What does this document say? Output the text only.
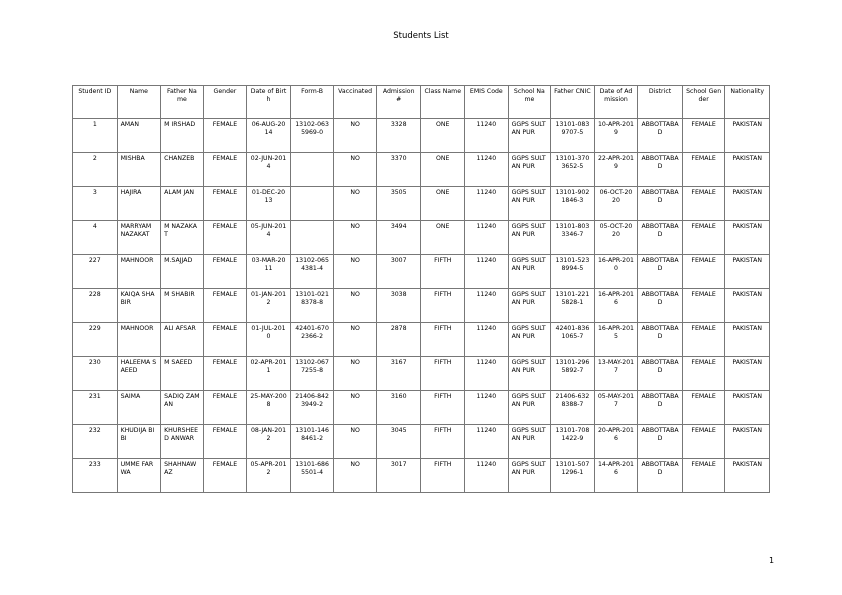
Students List
Student ID	Name	Father Name	Gender	Date of Birth	Form-B	Vaccinated	Admission #	Class Name	EMIS Code	School Name	Father CNIC	Date of Admission	District	School Gender	Nationality
1	AMAN	M IRSHAD	FEMALE	06-AUG-2014	13102-0635969-0	NO	3328	ONE	11240	GGPS SULTAN PUR	13101-0839707-5	10-APR-2019	ABBOTTABAD	FEMALE	PAKISTAN
2	MISHBA	CHANZEB	FEMALE	02-JUN-2014		NO	3370	ONE	11240	GGPS SULTAN PUR	13101-3703652-5	22-APR-2019	ABBOTTABAD	FEMALE	PAKISTAN
3	HAJIRA	ALAM JAN	FEMALE	01-DEC-2013		NO	3505	ONE	11240	GGPS SULTAN PUR	13101-9021846-3	06-OCT-2020	ABBOTTABAD	FEMALE	PAKISTAN
4	MARRYAM NAZAKAT	M NAZAKAT	FEMALE	05-JUN-2014		NO	3494	ONE	11240	GGPS SULTAN PUR	13101-8033346-7	05-OCT-2020	ABBOTTABAD	FEMALE	PAKISTAN
227	MAHNOOR	M.SAJJAD	FEMALE	03-MAR-2011	13102-0654381-4	NO	3007	FIFTH	11240	GGPS SULTAN PUR	13101-5238994-5	16-APR-2010	ABBOTTABAD	FEMALE	PAKISTAN
228	KAIQA SHABIR	M SHABIR	FEMALE	01-JAN-2012	13101-0218378-8	NO	3038	FIFTH	11240	GGPS SULTAN PUR	13101-2215828-1	16-APR-2016	ABBOTTABAD	FEMALE	PAKISTAN
229	MAHNOOR	ALI AFSAR	FEMALE	01-JUL-2010	42401-6702366-2	NO	2878	FIFTH	11240	GGPS SULTAN PUR	42401-8361065-7	16-APR-2015	ABBOTTABAD	FEMALE	PAKISTAN
230	HALEEMA SAEED	M SAEED	FEMALE	02-APR-2011	13102-0677255-8	NO	3167	FIFTH	11240	GGPS SULTAN PUR	13101-2965892-7	13-MAY-2017	ABBOTTABAD	FEMALE	PAKISTAN
231	SAIMA	SADIQ ZAMAN	FEMALE	25-MAY-2008	21406-8423949-2	NO	3160	FIFTH	11240	GGPS SULTAN PUR	21406-6328388-7	05-MAY-2017	ABBOTTABAD	FEMALE	PAKISTAN
232	KHUDIJA BIBI	KHURSHEED ANWAR	FEMALE	08-JAN-2012	13101-1468461-2	NO	3045	FIFTH	11240	GGPS SULTAN PUR	13101-7081422-9	20-APR-2016	ABBOTTABAD	FEMALE	PAKISTAN
233	UMME FARWA	SHAHNAWAZ	FEMALE	05-APR-2012	13101-6865501-4	NO	3017	FIFTH	11240	GGPS SULTAN PUR	13101-5071296-1	14-APR-2016	ABBOTTABAD	FEMALE	PAKISTAN
1
